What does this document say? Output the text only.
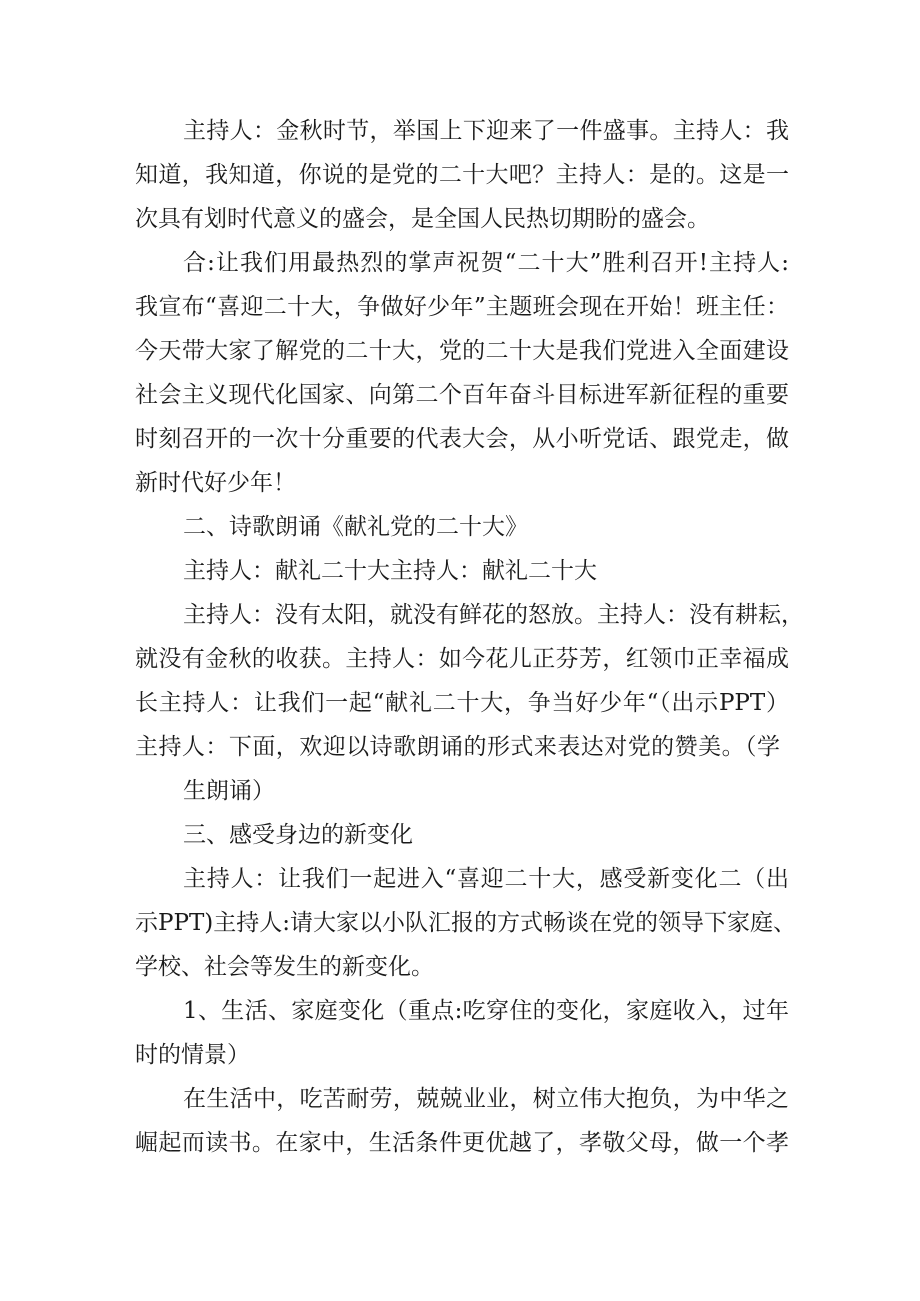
主持人：金秋时节，举国上下迎来了一件盛事。主持人：我
知道，我知道，你说的是党的二十大吧？主持人：是的。这是一
次具有划时代意义的盛会，是全国人民热切期盼的盛会。
合:让我们用最热烈的掌声祝贺“二十大”胜利召开!主持人:
我宣布“喜迎二十大，争做好少年”主题班会现在开始！班主任：
今天带大家了解党的二十大，党的二十大是我们党进入全面建设
社会主义现代化国家、向第二个百年奋斗目标进军新征程的重要
时刻召开的一次十分重要的代表大会，从小听党话、跟党走，做
新时代好少年！
二、诗歌朗诵《献礼党的二十大》
主持人：献礼二十大主持人：献礼二十大
主持人：没有太阳，就没有鲜花的怒放。主持人：没有耕耘，
就没有金秋的收获。主持人：如今花儿正芬芳，红领巾正幸福成
长主持人：让我们一起“献礼二十大，争当好少年“（出示PPT）
主持人：下面，欢迎以诗歌朗诵的形式来表达对党的赞美。（学
生朗诵）
三、感受身边的新变化
主持人：让我们一起进入“喜迎二十大，感受新变化二（出
示PPT)主持人:请大家以小队汇报的方式畅谈在党的领导下家庭、
学校、社会等发生的新变化。
1、生活、家庭变化（重点:吃穿住的变化，家庭收入，过年
时的情景）
在生活中，吃苦耐劳，兢兢业业，树立伟大抱负，为中华之
崛起而读书。在家中，生活条件更优越了，孝敬父母，做一个孝
